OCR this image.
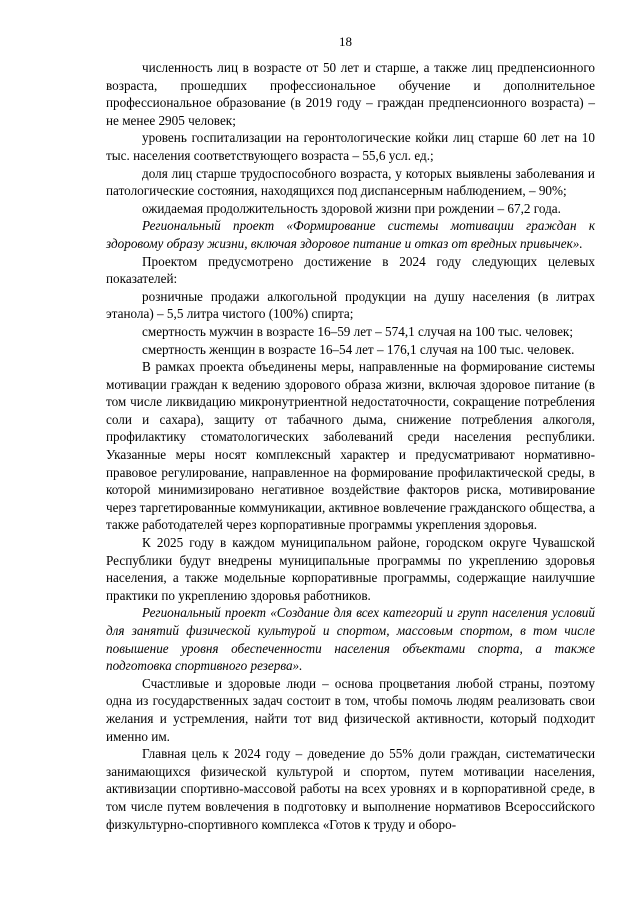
18

численность лиц в возрасте от 50 лет и старше, а также лиц предпенсионного возраста, прошедших профессиональное обучение и дополнительное профессиональное образование (в 2019 году – граждан предпенсионного возраста) – не менее 2905 человек;

уровень госпитализации на геронтологические койки лиц старше 60 лет на 10 тыс. населения соответствующего возраста – 55,6 усл. ед.;

доля лиц старше трудоспособного возраста, у которых выявлены заболевания и патологические состояния, находящихся под диспансерным наблюдением, – 90%;

ожидаемая продолжительность здоровой жизни при рождении – 67,2 года.

Региональный проект «Формирование системы мотивации граждан к здоровому образу жизни, включая здоровое питание и отказ от вредных привычек».

Проектом предусмотрено достижение в 2024 году следующих целевых показателей:

розничные продажи алкогольной продукции на душу населения (в литрах этанола) – 5,5 литра чистого (100%) спирта;

смертность мужчин в возрасте 16–59 лет – 574,1 случая на 100 тыс. человек;

смертность женщин в возрасте 16–54 лет – 176,1 случая на 100 тыс. человек.

В рамках проекта объединены меры, направленные на формирование системы мотивации граждан к ведению здорового образа жизни, включая здоровое питание (в том числе ликвидацию микронутриентной недостаточности, сокращение потребления соли и сахара), защиту от табачного дыма, снижение потребления алкоголя, профилактику стоматологических заболеваний среди населения республики. Указанные меры носят комплексный характер и предусматривают нормативно-правовое регулирование, направленное на формирование профилактической среды, в которой минимизировано негативное воздействие факторов риска, мотивирование через таргетированные коммуникации, активное вовлечение гражданского общества, а также работодателей через корпоративные программы укрепления здоровья.

К 2025 году в каждом муниципальном районе, городском округе Чувашской Республики будут внедрены муниципальные программы по укреплению здоровья населения, а также модельные корпоративные программы, содержащие наилучшие практики по укреплению здоровья работников.

Региональный проект «Создание для всех категорий и групп населения условий для занятий физической культурой и спортом, массовым спортом, в том числе повышение уровня обеспеченности населения объектами спорта, а также подготовка спортивного резерва».

Счастливые и здоровые люди – основа процветания любой страны, поэтому одна из государственных задач состоит в том, чтобы помочь людям реализовать свои желания и устремления, найти тот вид физической активности, который подходит именно им.

Главная цель к 2024 году – доведение до 55% доли граждан, систематически занимающихся физической культурой и спортом, путем мотивации населения, активизации спортивно-массовой работы на всех уровнях и в корпоративной среде, в том числе путем вовлечения в подготовку и выполнение нормативов Всероссийского физкультурно-спортивного комплекса «Готов к труду и оборо-
